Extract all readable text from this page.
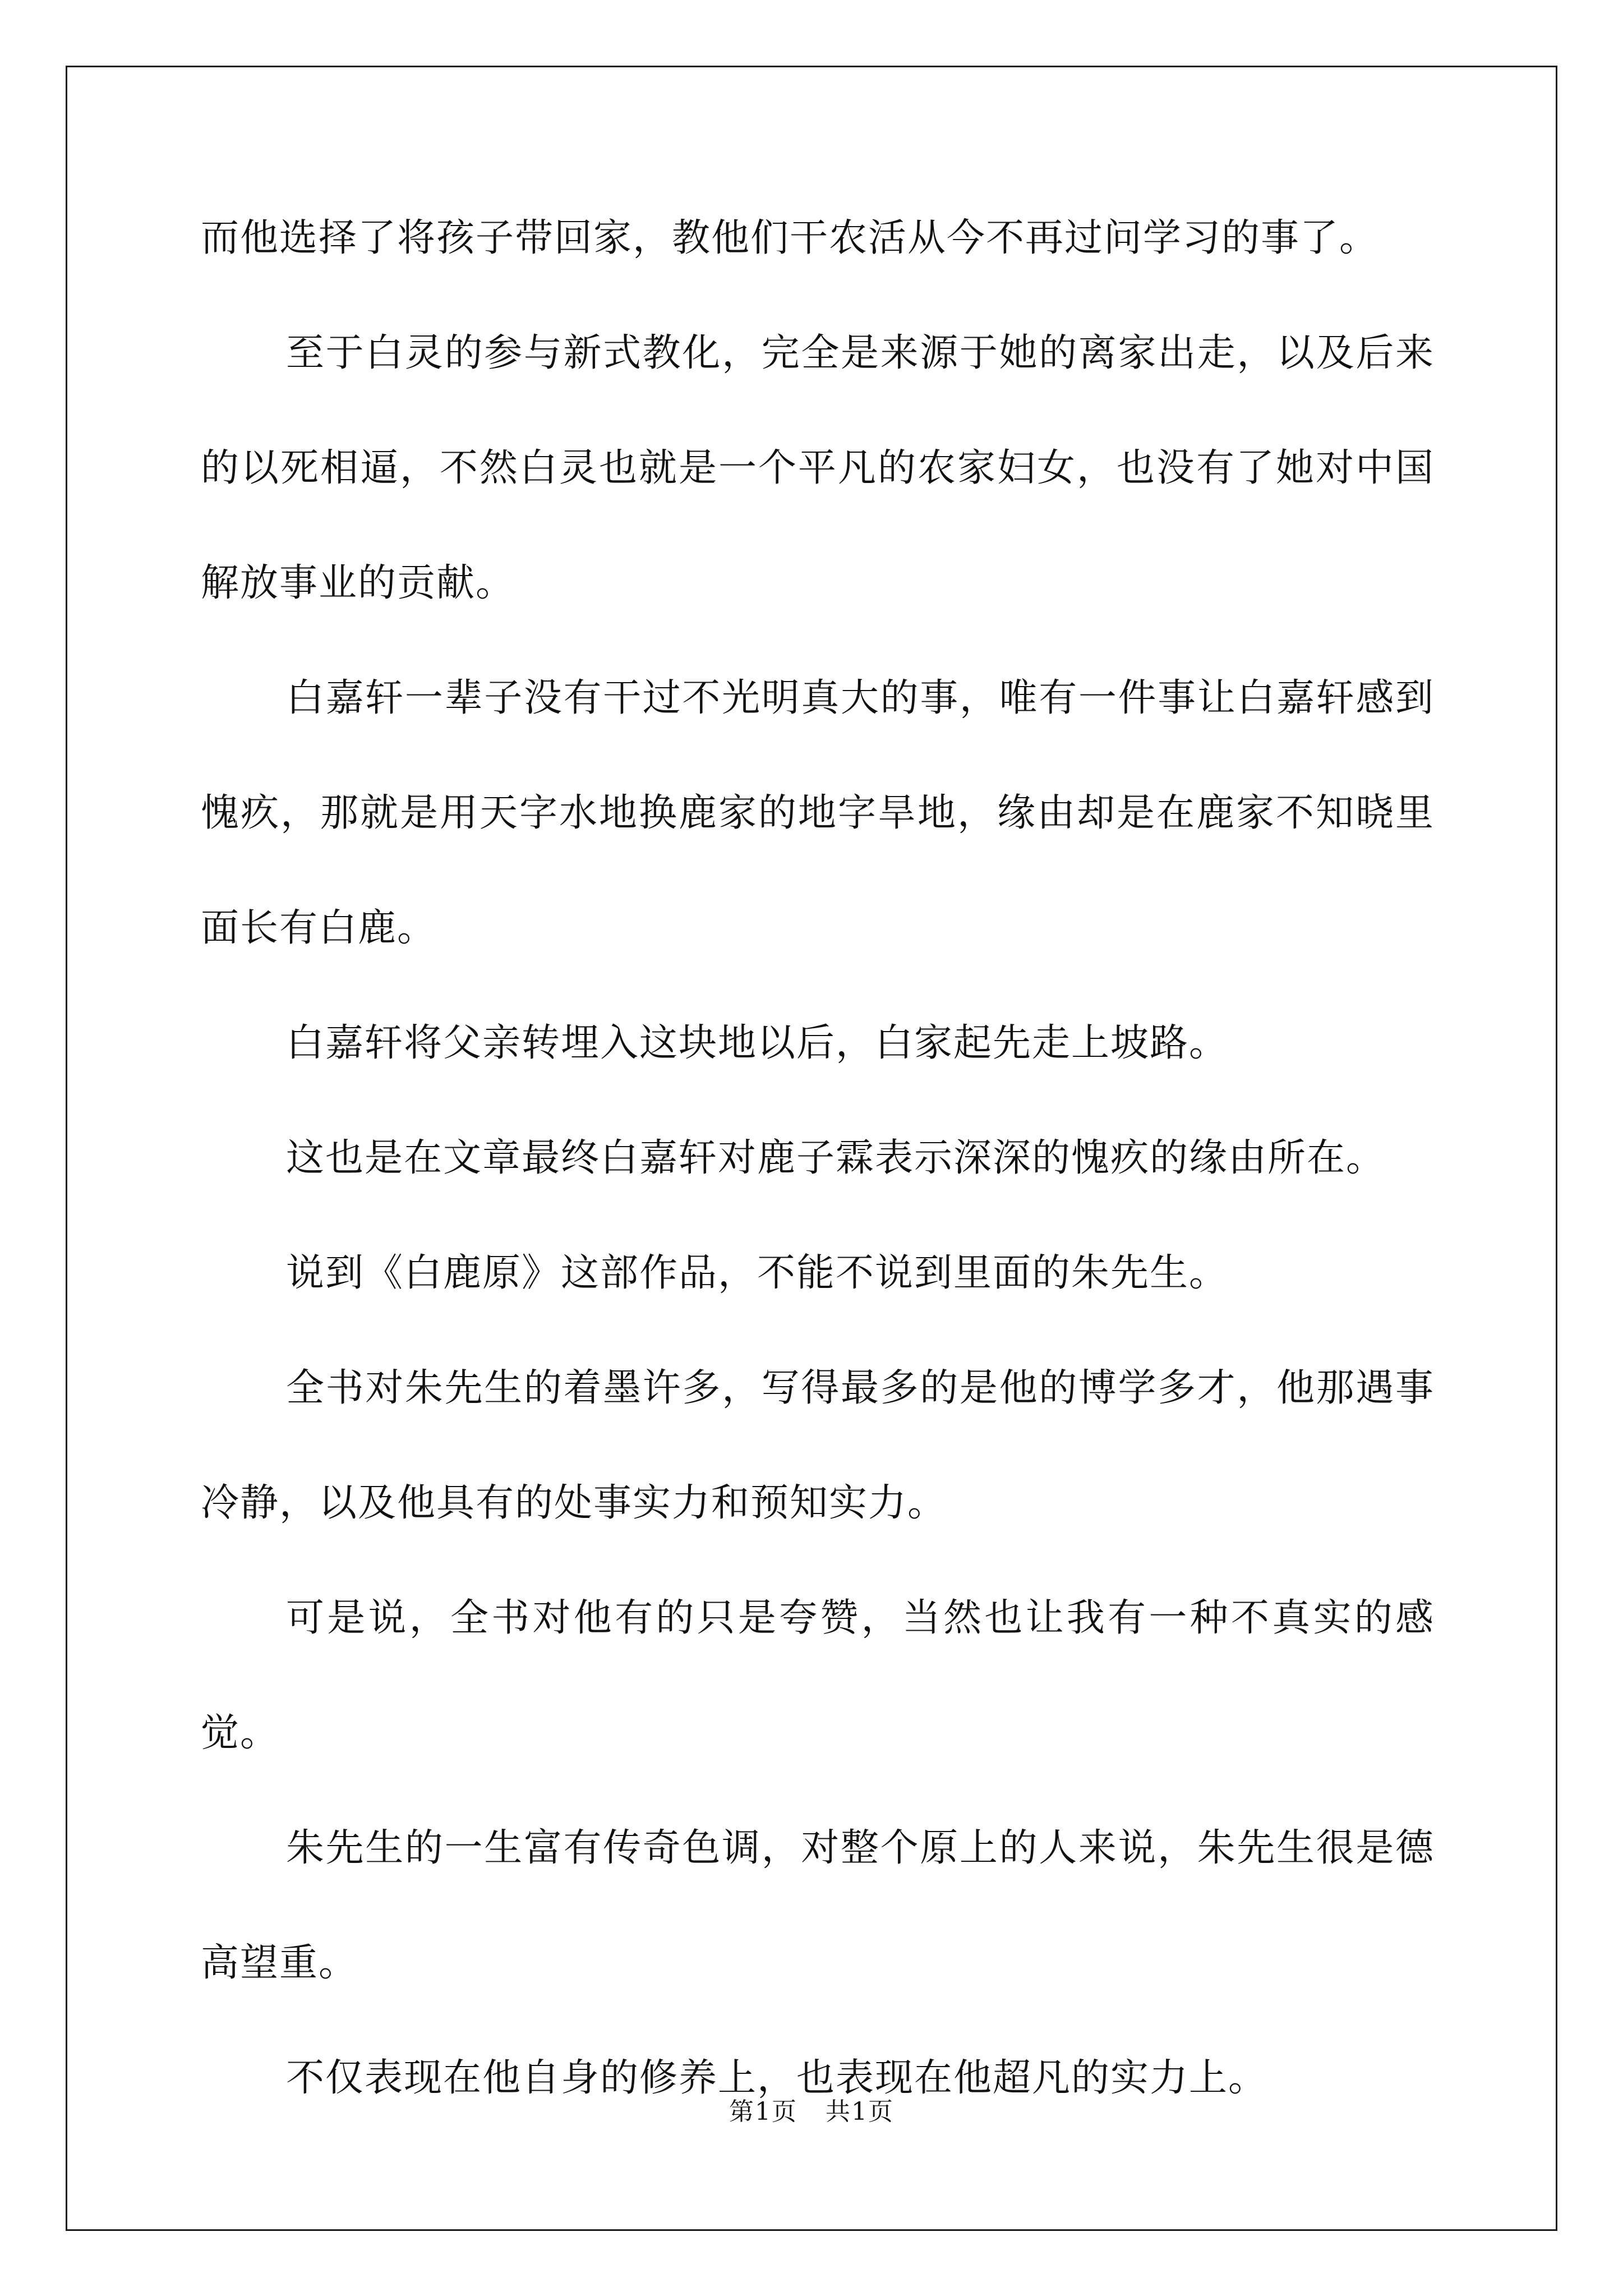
而他选择了将孩子带回家，教他们干农活从今不再过问学习的事了。

至于白灵的参与新式教化，完全是来源于她的离家出走，以及后来的以死相逼，不然白灵也就是一个平凡的农家妇女，也没有了她对中国解放事业的贡献。

白嘉轩一辈子没有干过不光明真大的事，唯有一件事让白嘉轩感到愧疚，那就是用天字水地换鹿家的地字旱地，缘由却是在鹿家不知晓里面长有白鹿。

白嘉轩将父亲转埋入这块地以后，白家起先走上坡路。

这也是在文章最终白嘉轩对鹿子霖表示深深的愧疚的缘由所在。

说到《白鹿原》这部作品，不能不说到里面的朱先生。

全书对朱先生的着墨许多，写得最多的是他的博学多才，他那遇事冷静，以及他具有的处事实力和预知实力。

可是说，全书对他有的只是夸赞，当然也让我有一种不真实的感觉。

朱先生的一生富有传奇色调，对整个原上的人来说，朱先生很是德高望重。

不仅表现在他自身的修养上，也表现在他超凡的实力上。

第1页 共1页
